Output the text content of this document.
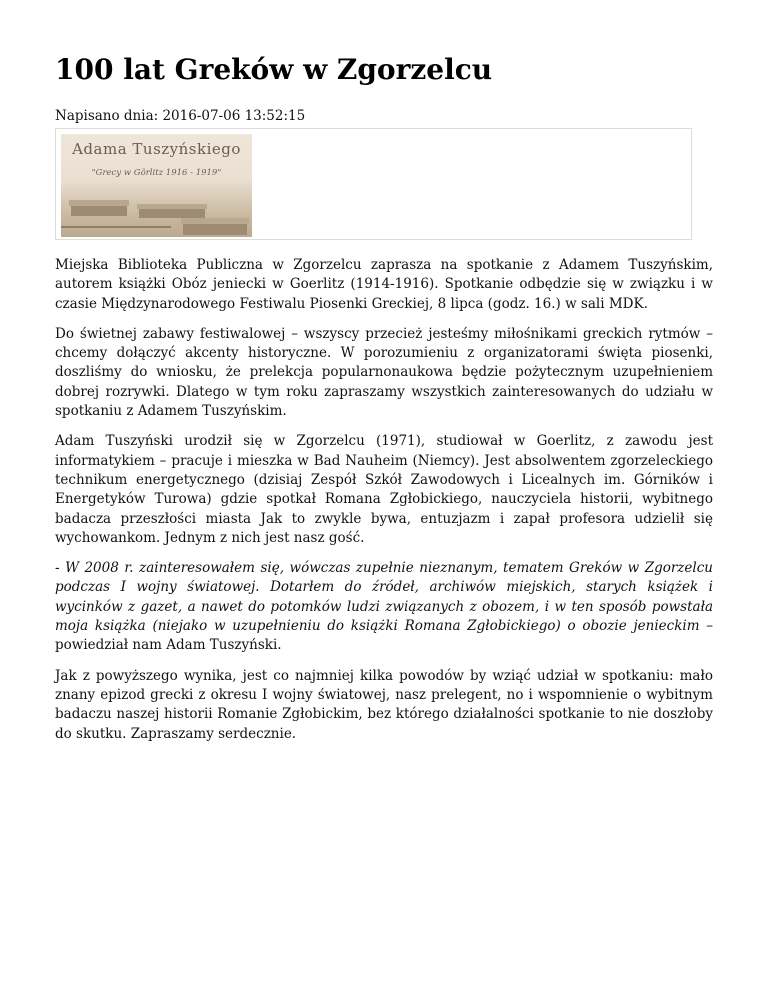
100 lat Greków w Zgorzelcu
Napisano dnia: 2016-07-06 13:52:15
Adama Tuszyńskiego
"Grecy w Görlitz 1916 - 1919"

Miejska Biblioteka Publiczna w Zgorzelcu zaprasza na spotkanie z Adamem Tuszyńskim, autorem książki Obóz jeniecki w Goerlitz (1914-1916). Spotkanie odbędzie się w związku i w czasie Międzynarodowego Festiwalu Piosenki Greckiej, 8 lipca (godz. 16.) w sali MDK.

Do świetnej zabawy festiwalowej – wszyscy przecież jesteśmy miłośnikami greckich rytmów – chcemy dołączyć akcenty historyczne. W porozumieniu z organizatorami święta piosenki, doszliśmy do wniosku, że prelekcja popularnonaukowa będzie pożytecznym uzupełnieniem dobrej rozrywki. Dlatego w tym roku zapraszamy wszystkich zainteresowanych do udziału w spotkaniu z Adamem Tuszyńskim.

Adam Tuszyński urodził się w Zgorzelcu (1971), studiował w Goerlitz, z zawodu jest informatykiem – pracuje i mieszka w Bad Nauheim (Niemcy). Jest absolwentem zgorzeleckiego technikum energetycznego (dzisiaj Zespół Szkół Zawodowych i Licealnych im. Górników i Energetyków Turowa) gdzie spotkał Romana Zgłobickiego, nauczyciela historii, wybitnego badacza przeszłości miasta Jak to zwykle bywa, entuzjazm i zapał profesora udzielił się wychowankom. Jednym z nich jest nasz gość.

- W 2008 r. zainteresowałem się, wówczas zupełnie nieznanym, tematem Greków w Zgorzelcu podczas I wojny światowej. Dotarłem do źródeł, archiwów miejskich, starych książek i wycinków z gazet, a nawet do potomków ludzi związanych z obozem, i w ten sposób powstała moja książka (niejako w uzupełnieniu do książki Romana Zgłobickiego) o obozie jenieckim – powiedział nam Adam Tuszyński.

Jak z powyższego wynika, jest co najmniej kilka powodów by wziąć udział w spotkaniu: mało znany epizod grecki z okresu I wojny światowej, nasz prelegent, no i wspomnienie o wybitnym badaczu naszej historii Romanie Zgłobickim, bez którego działalności spotkanie to nie doszłoby do skutku. Zapraszamy serdecznie.
